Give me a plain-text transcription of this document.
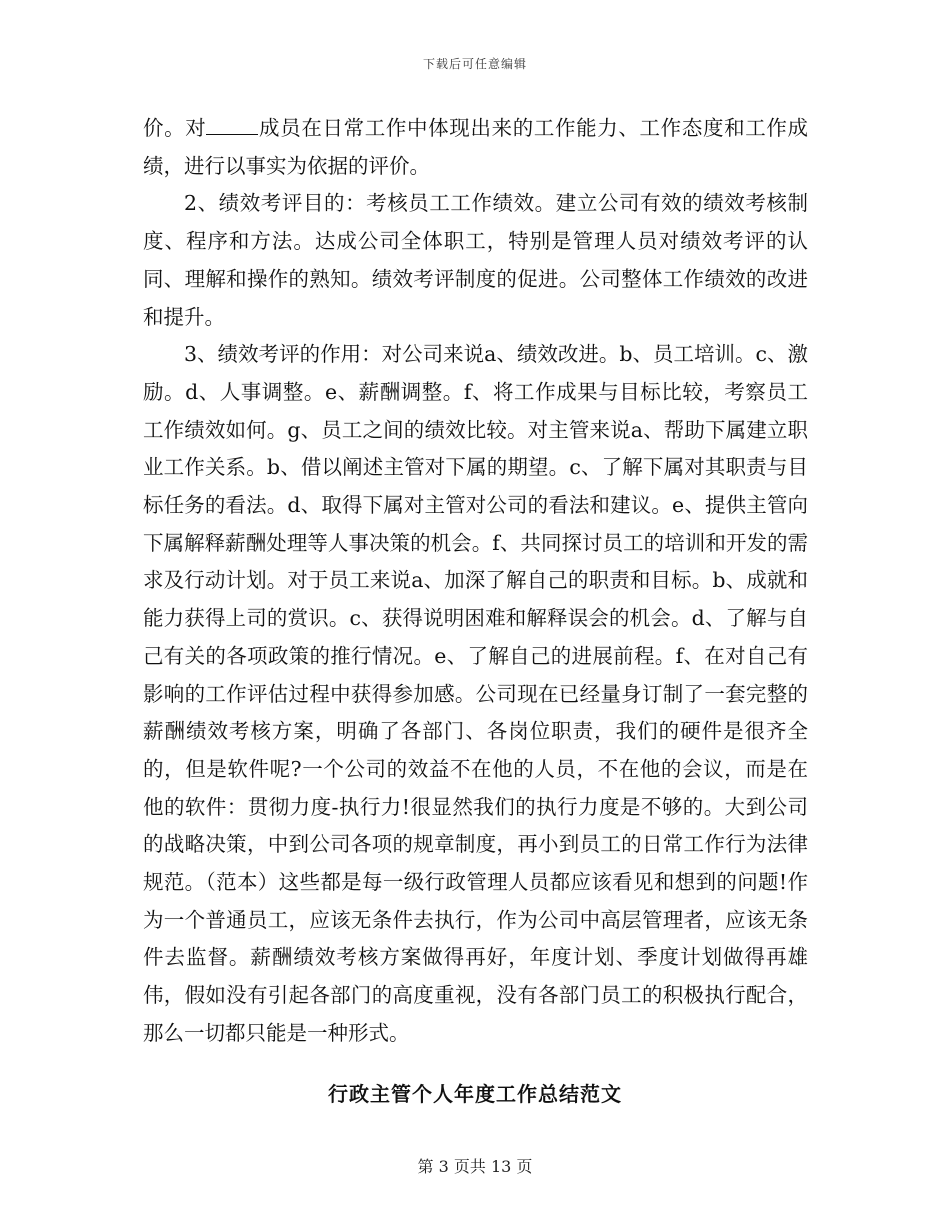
下载后可任意编辑

价。对	成员在日常工作中体现出来的工作能力、工作态度和工作成绩，进行以事实为依据的评价。

2、绩效考评目的：考核员工工作绩效。建立公司有效的绩效考核制度、程序和方法。达成公司全体职工，特别是管理人员对绩效考评的认同、理解和操作的熟知。绩效考评制度的促进。公司整体工作绩效的改进和提升。

3、绩效考评的作用：对公司来说a、绩效改进。b、员工培训。c、激励。d、人事调整。e、薪酬调整。f、将工作成果与目标比较，考察员工工作绩效如何。g、员工之间的绩效比较。对主管来说a、帮助下属建立职业工作关系。b、借以阐述主管对下属的期望。c、了解下属对其职责与目标任务的看法。d、取得下属对主管对公司的看法和建议。e、提供主管向下属解释薪酬处理等人事决策的机会。f、共同探讨员工的培训和开发的需求及行动计划。对于员工来说a、加深了解自己的职责和目标。b、成就和能力获得上司的赏识。c、获得说明困难和解释误会的机会。d、了解与自己有关的各项政策的推行情况。e、了解自己的进展前程。f、在对自己有影响的工作评估过程中获得参加感。公司现在已经量身订制了一套完整的薪酬绩效考核方案，明确了各部门、各岗位职责，我们的硬件是很齐全的，但是软件呢?一个公司的效益不在他的人员，不在他的会议，而是在他的软件：贯彻力度-执行力!很显然我们的执行力度是不够的。大到公司的战略决策，中到公司各项的规章制度，再小到员工的日常工作行为法律规范。（范本）这些都是每一级行政管理人员都应该看见和想到的问题!作为一个普通员工，应该无条件去执行，作为公司中高层管理者，应该无条件去监督。薪酬绩效考核方案做得再好，年度计划、季度计划做得再雄伟，假如没有引起各部门的高度重视，没有各部门员工的积极执行配合，那么一切都只能是一种形式。

行政主管个人年度工作总结范文
第 3 页共 13 页
